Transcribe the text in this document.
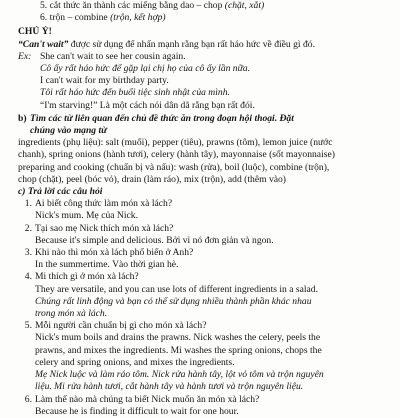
5. cắt thức ăn thành các miếng bằng dao – chop (chặt, xắt)
6. trộn – combine (trộn, kết hợp)
CHÚ Ý!
“Can't wait” được sử dụng để nhấn mạnh rằng bạn rất háo hức về điều gì đó.
Ex: She can't wait to see her cousin again.
Cô ấy rất háo hức để gặp lại chị họ của cô ấy lần nữa.
I can't wait for my birthday party.
Tôi rất háo hức đến buổi tiệc sinh nhật của mình.
“I'm starving!” Là một cách nói dân dã rằng bạn rất đói.
b) Tìm các từ liên quan đến chủ đề thức ăn trong đoạn hội thoại. Đặt
chúng vào mạng từ
ingredients (phụ liệu): salt (muối), pepper (tiêu), prawns (tôm), lemon juice (nước
chanh), spring onions (hành tươi), celery (hành tây), mayonnaise (sốt mayonnaise)
preparing and cooking (chuẩn bị và nấu): wash (rửa), boil (luộc), combine (trộn),
chop (chặt), peel (bóc vỏ), drain (làm ráo), mix (trộn), add (thêm vào)
c) Trả lời các câu hỏi
1. Ai biết công thức làm món xà lách?
Nick's mum. Mẹ của Nick.
2. Tại sao mẹ Nick thích món xà lách?
Because it's simple and delicious. Bởi vì nó đơn giản và ngon.
3. Khi nào thì món xà lách phổ biến ở Anh?
In the summertime. Vào thời gian hè.
4. Mi thích gì ở món xà lách?
They are versatile, and you can use lots of different ingredients in a salad.
Chúng rất linh động và bạn có thể sử dụng nhiều thành phần khác nhau
trong món xà lách.
5. Mỗi người cần chuẩn bị gì cho món xà lách?
Nick's mum boils and drains the prawns. Nick washes the celery, peels the
prawns, and mixes the ingredients. Mi washes the spring onions, chops the
celery and spring onions, and mixes the ingredients.
Mẹ Nick luộc và làm ráo tôm. Nick rửa hành tây, lột vỏ tôm và trộn nguyên
liệu. Mi rửa hành tươi, cắt hành tây và hành tươi và trộn nguyên liệu.
6. Làm thế nào mà chúng ta biết Nick muốn ăn món xà lách?
Because he is finding it difficult to wait for one hour.
